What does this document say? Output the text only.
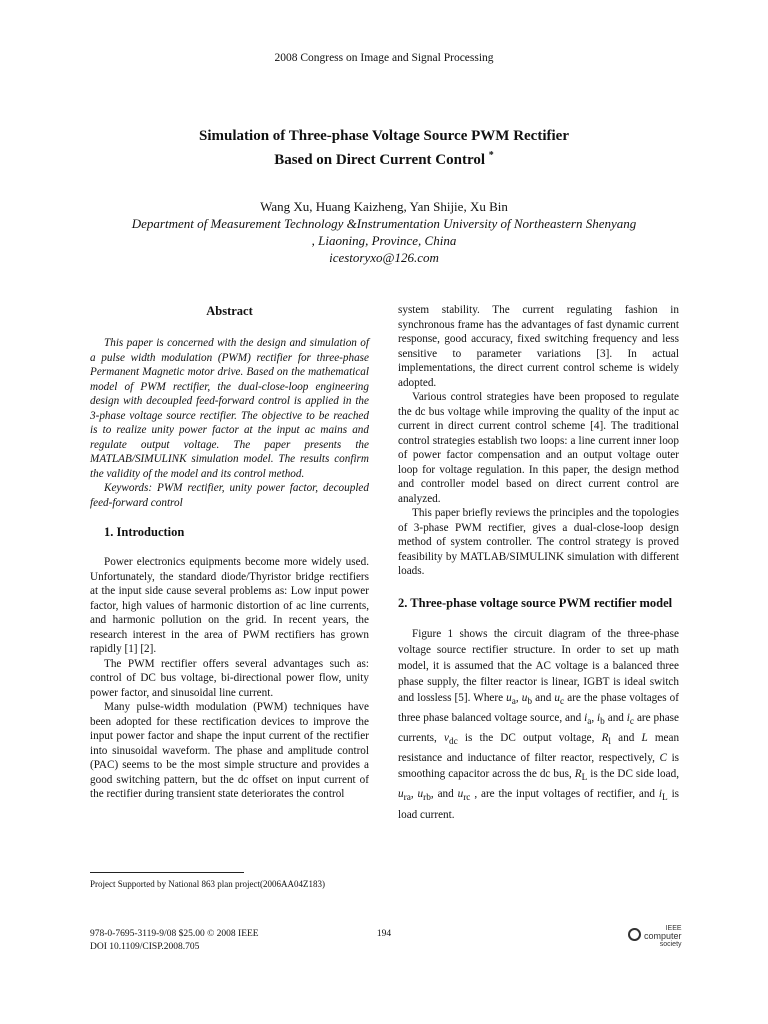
2008 Congress on Image and Signal Processing
Simulation of Three-phase Voltage Source PWM Rectifier
Based on Direct Current Control *
Wang Xu, Huang Kaizheng, Yan Shijie, Xu Bin
Department of Measurement Technology &Instrumentation University of Northeastern Shenyang
, Liaoning, Province, China
icestoryxo@126.com
Abstract

This paper is concerned with the design and simulation of a pulse width modulation (PWM) rectifier for three-phase Permanent Magnetic motor drive. Based on the mathematical model of PWM rectifier, the dual-close-loop engineering design with decoupled feed-forward control is applied in the 3-phase voltage source rectifier. The objective to be reached is to realize unity power factor at the input ac mains and regulate output voltage. The paper presents the MATLAB/SIMULINK simulation model. The results confirm the validity of the model and its control method.

Keywords: PWM rectifier, unity power factor, decoupled feed-forward control

1. Introduction

Power electronics equipments become more widely used. Unfortunately, the standard diode/Thyristor bridge rectifiers at the input side cause several problems as: Low input power factor, high values of harmonic distortion of ac line currents, and harmonic pollution on the grid. In recent years, the research interest in the area of PWM rectifiers has grown rapidly [1] [2].

The PWM rectifier offers several advantages such as: control of DC bus voltage, bi-directional power flow, unity power factor, and sinusoidal line current.

Many pulse-width modulation (PWM) techniques have been adopted for these rectification devices to improve the input power factor and shape the input current of the rectifier into sinusoidal waveform. The phase and amplitude control (PAC) seems to be the most simple structure and provides a good switching pattern, but the dc offset on input current of the rectifier during transient state deteriorates the control

system stability. The current regulating fashion in synchronous frame has the advantages of fast dynamic current response, good accuracy, fixed switching frequency and less sensitive to parameter variations [3]. In actual implementations, the direct current control scheme is widely adopted.

Various control strategies have been proposed to regulate the dc bus voltage while improving the quality of the input ac current in direct current control scheme [4]. The traditional control strategies establish two loops: a line current inner loop of power factor compensation and an output voltage outer loop for voltage regulation. In this paper, the design method and controller model based on direct current control are analyzed.

This paper briefly reviews the principles and the topologies of 3-phase PWM rectifier, gives a dual-close-loop design method of system controller. The control strategy is proved feasibility by MATLAB/SIMULINK simulation with different loads.

2. Three-phase voltage source PWM rectifier model

Figure 1 shows the circuit diagram of the three-phase voltage source rectifier structure. In order to set up math model, it is assumed that the AC voltage is a balanced three phase supply, the filter reactor is linear, IGBT is ideal switch and lossless [5]. Where $u_a$, $u_b$ and $u_c$ are the phase voltages of three phase balanced voltage source, and $i_a$, $i_b$ and $i_c$ are phase currents, $v_{dc}$ is the DC output voltage, $R_l$ and L mean resistance and inductance of filter reactor, respectively, C is smoothing capacitor across the dc bus, $R_L$ is the DC side load, $u_{ra}$, $u_{rb}$, and $u_{rc}$ , are the input voltages of rectifier, and $i_L$ is load current.

Project Supported by National 863 plan project(2006AA04Z183)
978-0-7695-3119-9/08 $25.00 © 2008 IEEE
DOI 10.1109/CISP.2008.705
194
IEEE
computer
society
